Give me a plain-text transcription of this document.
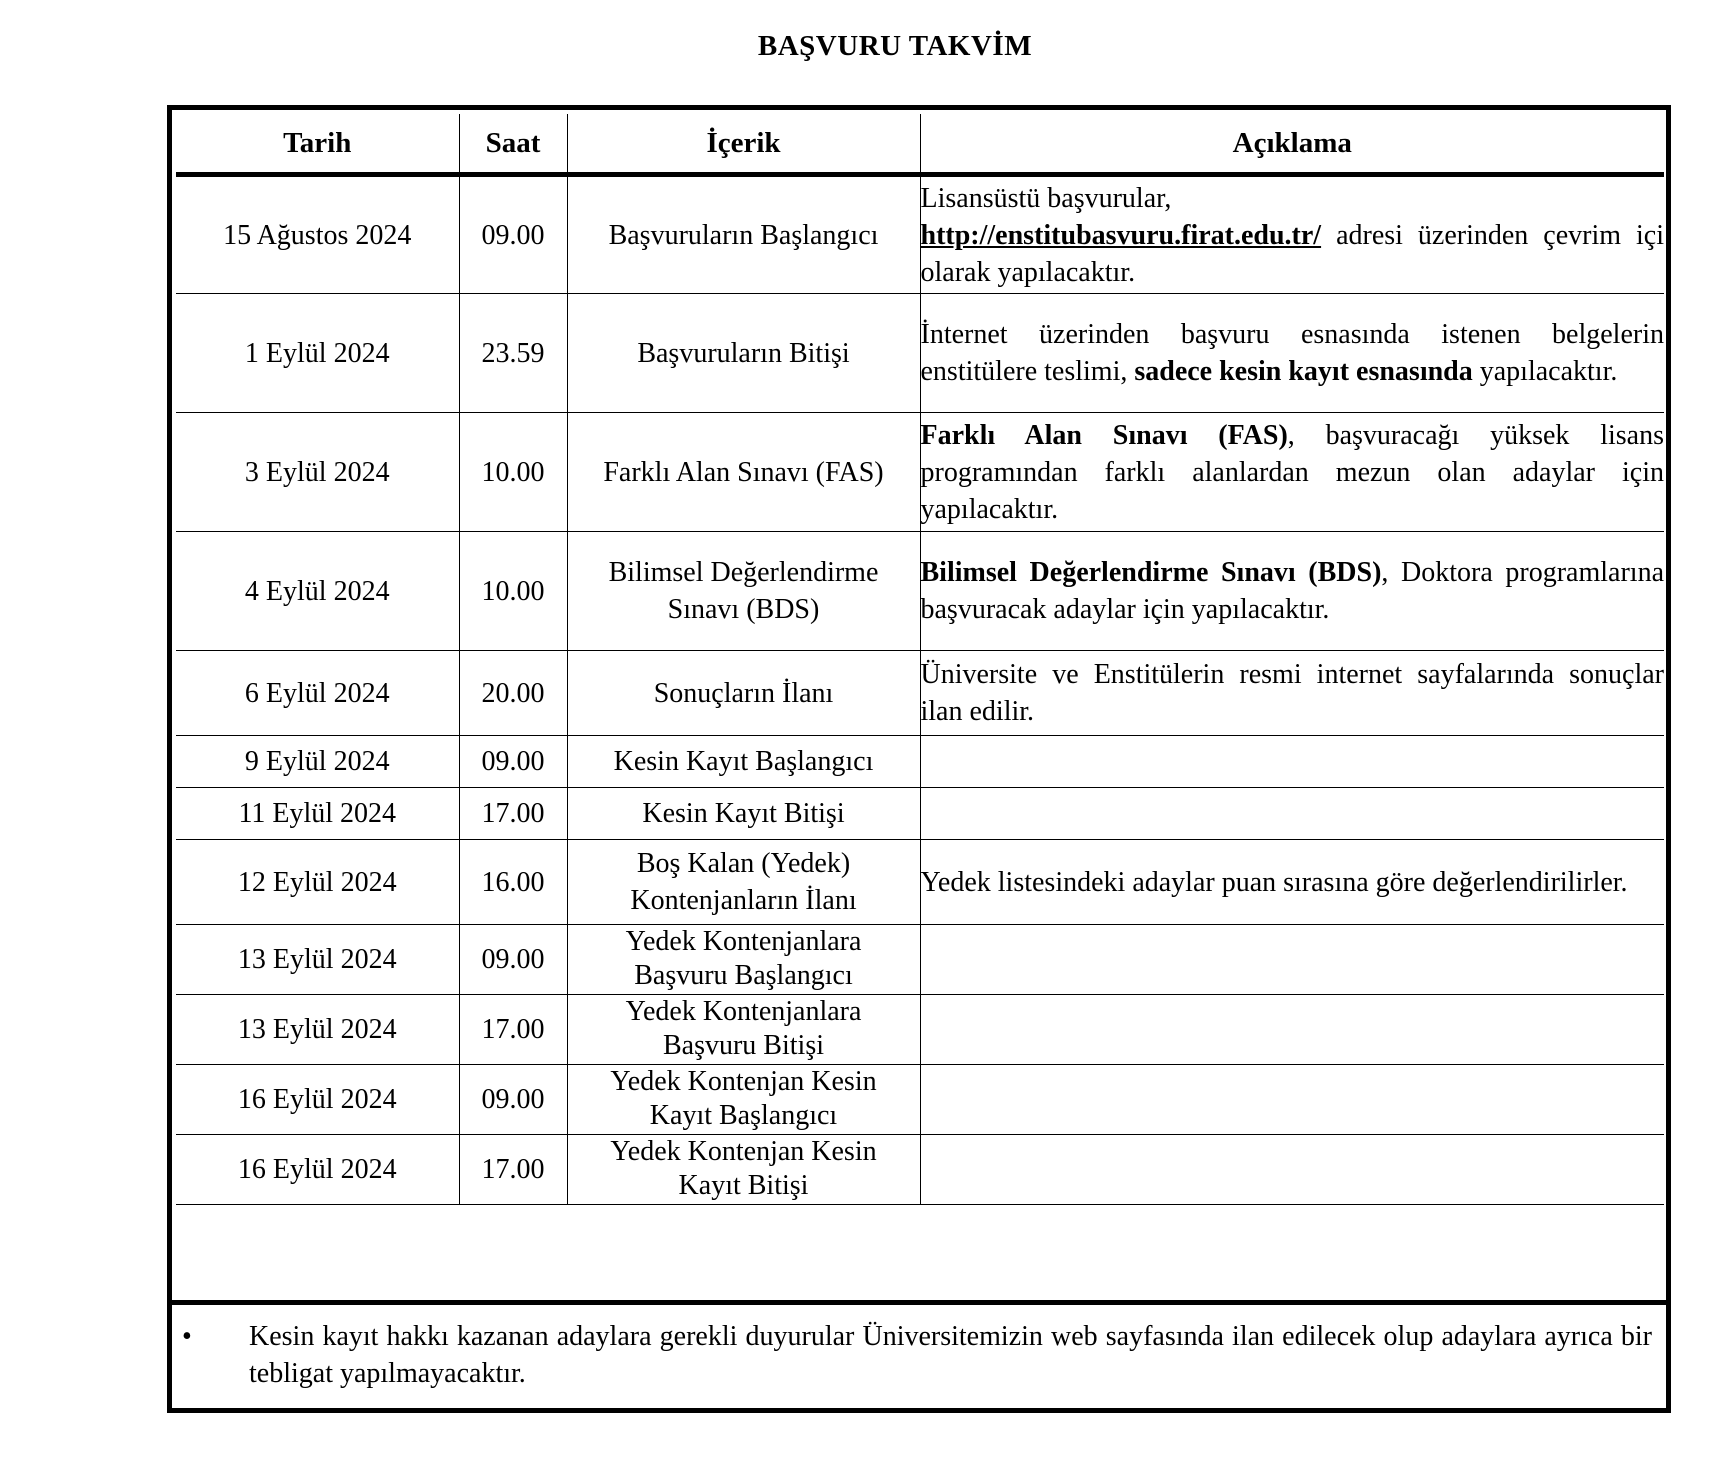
BAŞVURU TAKVİM
Tarih	Saat	İçerik	Açıklama
15 Ağustos 2024	09.00	Başvuruların Başlangıcı	Lisansüstü başvurular,
http://enstitubasvuru.firat.edu.tr/ adresi üzerinden çevrim içi olarak yapılacaktır.
1 Eylül 2024	23.59	Başvuruların Bitişi	İnternet üzerinden başvuru esnasında istenen belgelerin enstitülere teslimi, sadece kesin kayıt esnasında yapılacaktır.
3 Eylül 2024	10.00	Farklı Alan Sınavı (FAS)	Farklı Alan Sınavı (FAS), başvuracağı yüksek lisans programından farklı alanlardan mezun olan adaylar için yapılacaktır.
4 Eylül 2024	10.00	Bilimsel Değerlendirme Sınavı (BDS)	Bilimsel Değerlendirme Sınavı (BDS), Doktora programlarına başvuracak adaylar için yapılacaktır.
6 Eylül 2024	20.00	Sonuçların İlanı	Üniversite ve Enstitülerin resmi internet sayfalarında sonuçlar ilan edilir.
9 Eylül 2024	09.00	Kesin Kayıt Başlangıcı	
11 Eylül 2024	17.00	Kesin Kayıt Bitişi	
12 Eylül 2024	16.00	Boş Kalan (Yedek) Kontenjanların İlanı	Yedek listesindeki adaylar puan sırasına göre değerlendirilirler.
13 Eylül 2024	09.00	Yedek Kontenjanlara Başvuru Başlangıcı	
13 Eylül 2024	17.00	Yedek Kontenjanlara Başvuru Bitişi	
16 Eylül 2024	09.00	Yedek Kontenjan Kesin Kayıt Başlangıcı	
16 Eylül 2024	17.00	Yedek Kontenjan Kesin Kayıt Bitişi	
•	Kesin kayıt hakkı kazanan adaylara gerekli duyurular Üniversitemizin web sayfasında ilan edilecek olup adaylara ayrıca bir tebligat yapılmayacaktır.
